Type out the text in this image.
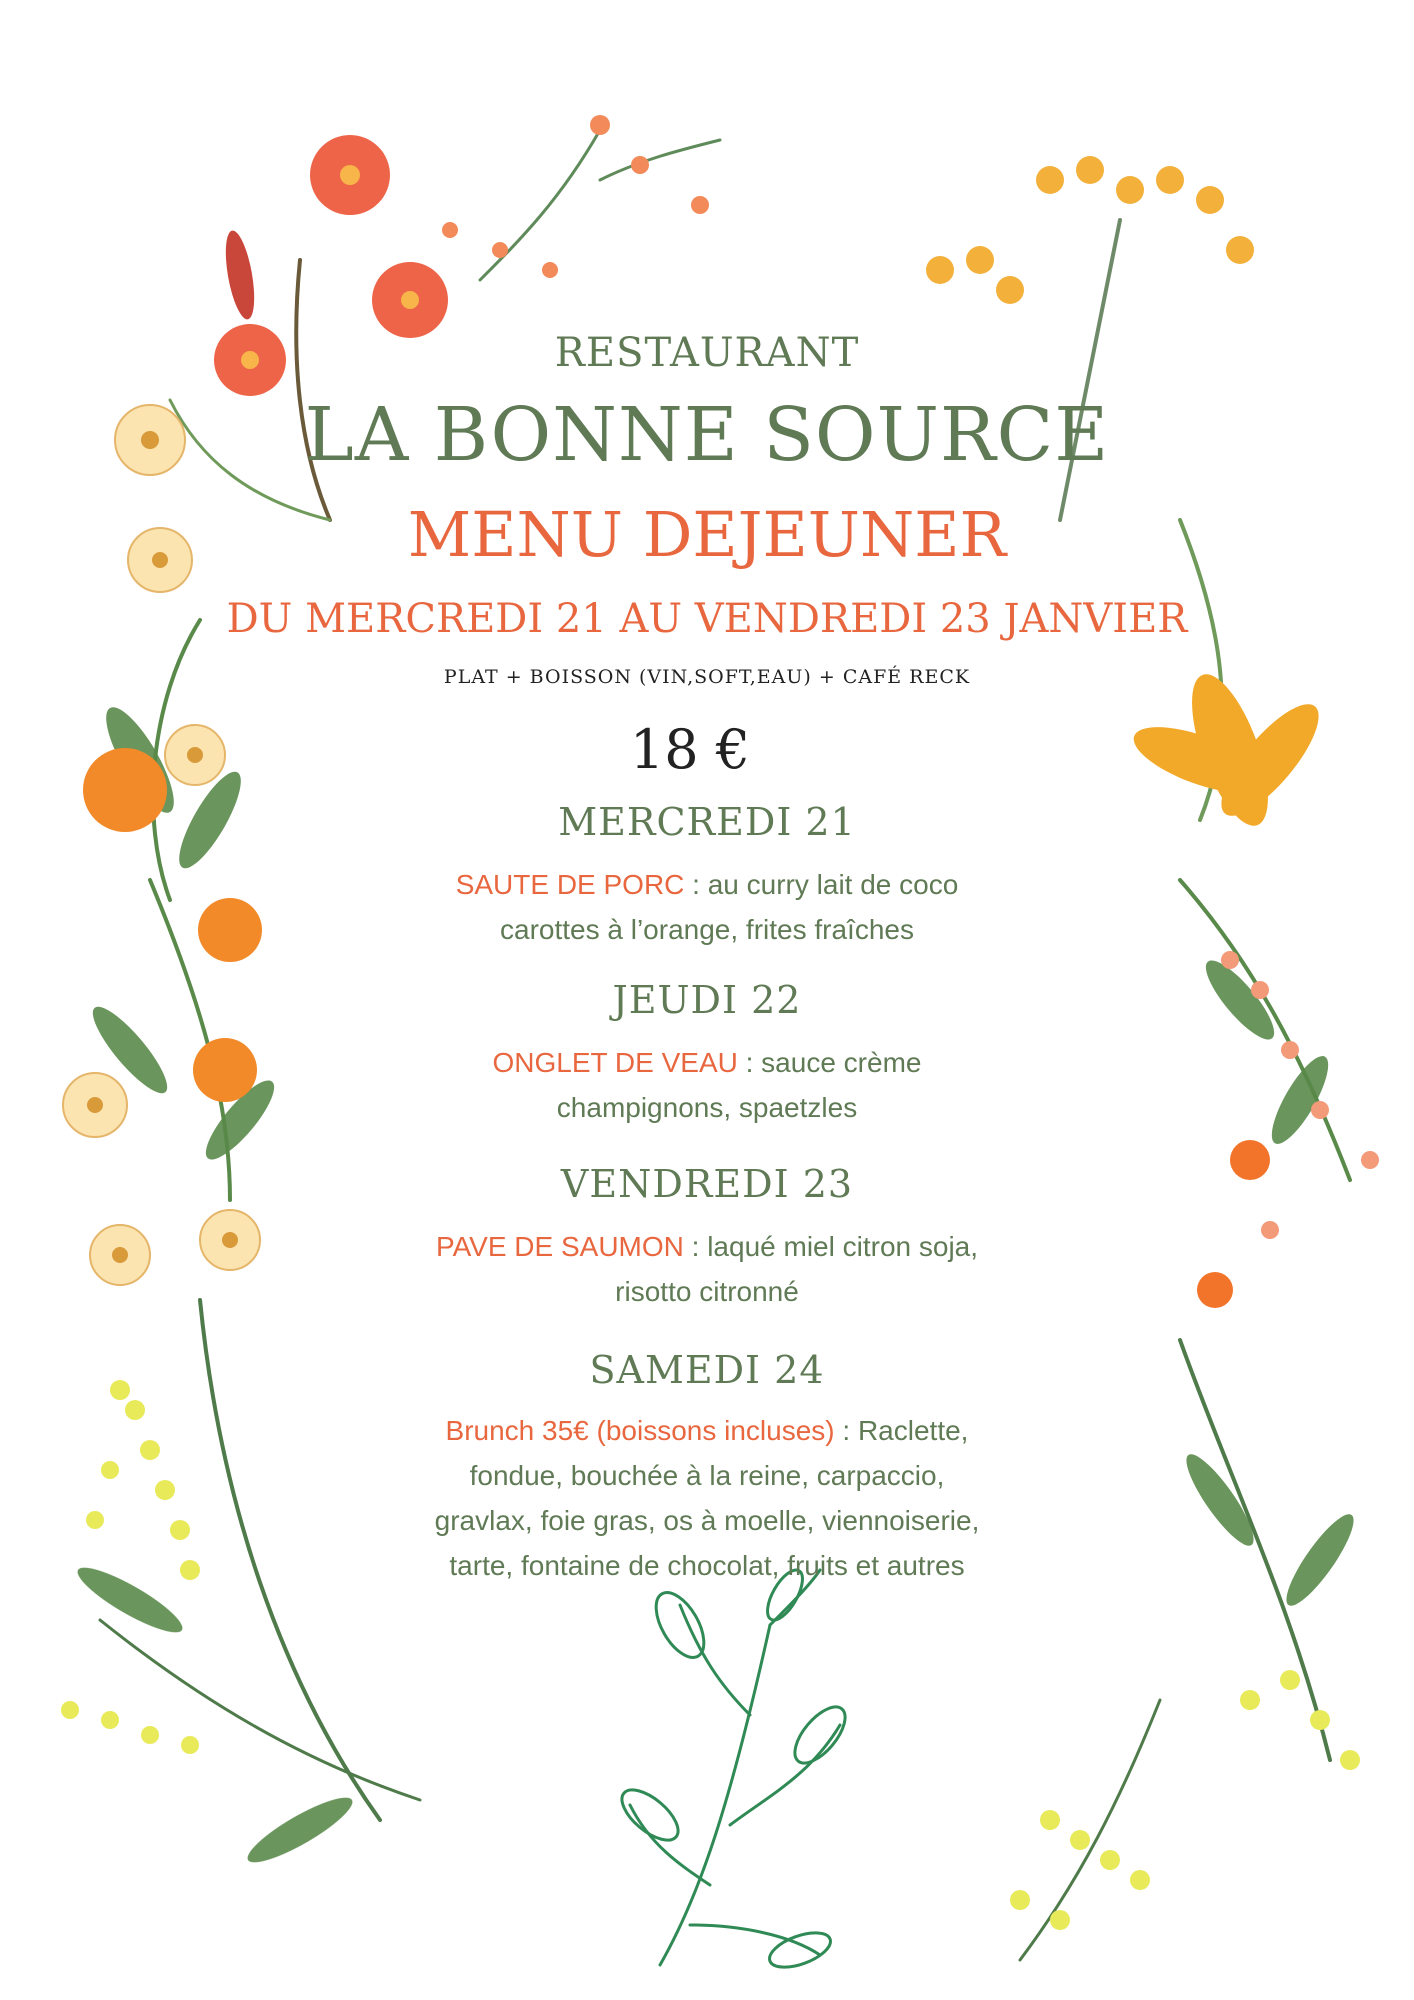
RESTAURANT
LA BONNE SOURCE
MENU DEJEUNER
DU MERCREDI 21 AU VENDREDI 23 JANVIER
PLAT + BOISSON (VIN,SOFT,EAU) + CAFÉ RECK
18 €
MERCREDI 21
SAUTE DE PORC : au curry lait de coco
carottes à l’orange, frites fraîches
JEUDI 22
ONGLET DE VEAU : sauce crème
champignons, spaetzles
VENDREDI 23
PAVE DE SAUMON : laqué miel citron soja,
risotto citronné
SAMEDI 24
Brunch 35€ (boissons incluses) : Raclette,
fondue, bouchée à la reine, carpaccio,
gravlax, foie gras, os à moelle, viennoiserie,
tarte, fontaine de chocolat, fruits et autres
